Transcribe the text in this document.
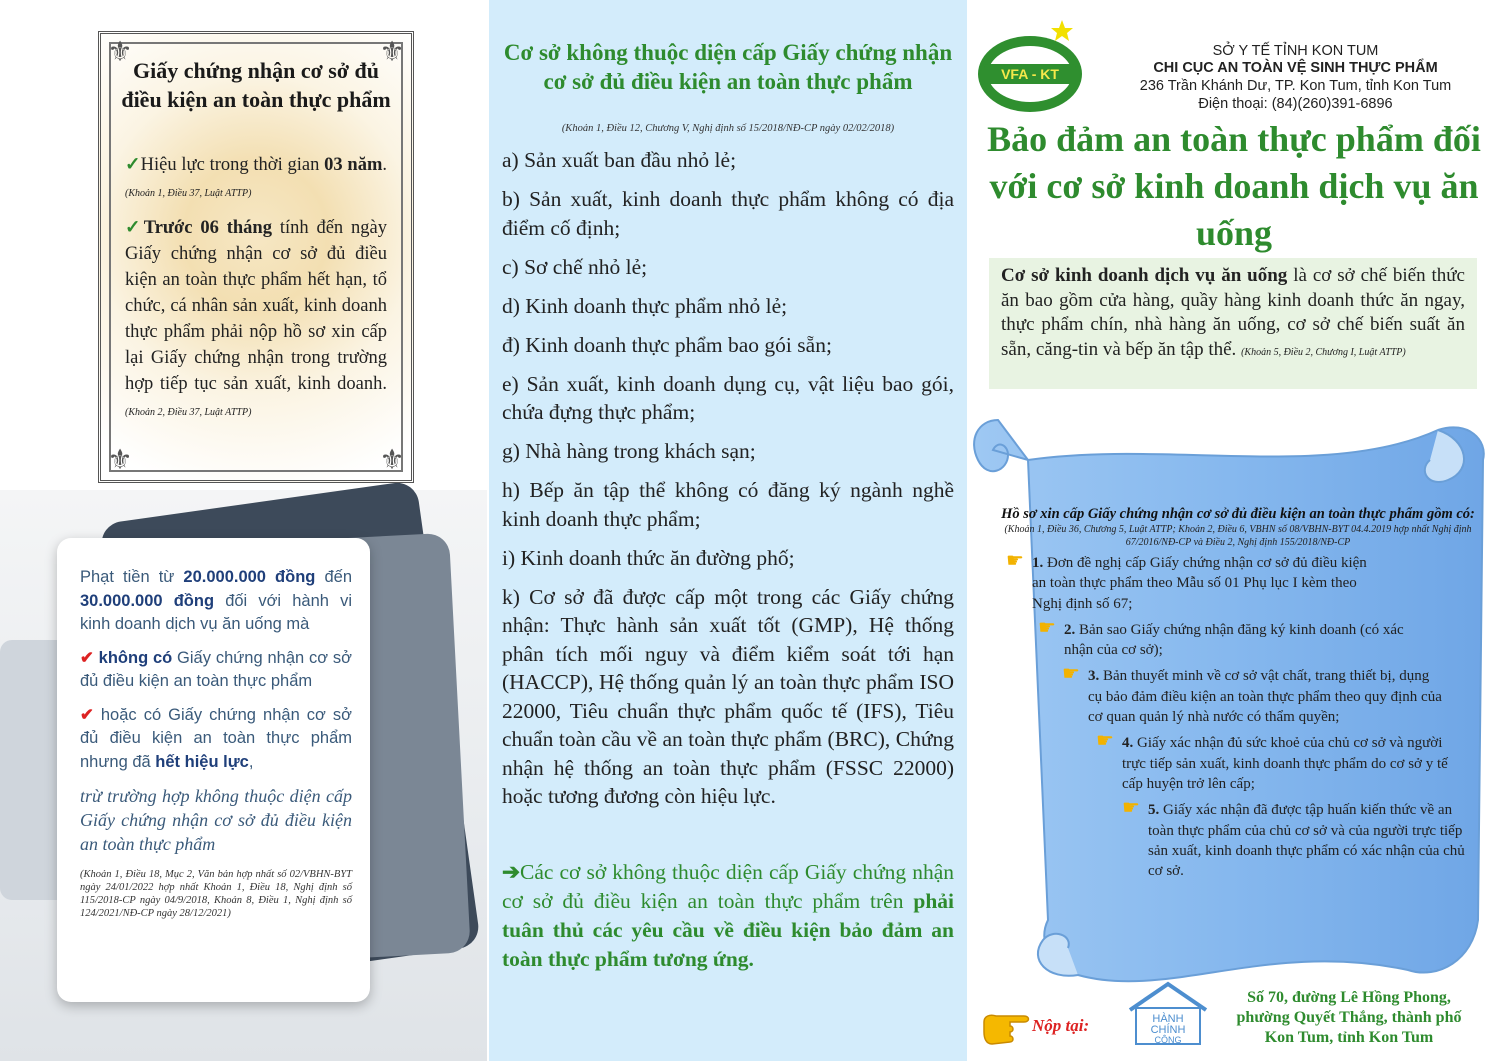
⚜	⚜
⚜	⚜
Giấy chứng nhận cơ sở đủ điều kiện an toàn thực phẩm

✓Hiệu lực trong thời gian 03 năm. (Khoản 1, Điều 37, Luật ATTP)

✓Trước 06 tháng tính đến ngày Giấy chứng nhận cơ sở đủ điều kiện an toàn thực phẩm hết hạn, tổ chức, cá nhân sản xuất, kinh doanh thực phẩm phải nộp hồ sơ xin cấp lại Giấy chứng nhận trong trường hợp tiếp tục sản xuất, kinh doanh. (Khoản 2, Điều 37, Luật ATTP)

Phạt tiền từ 20.000.000 đồng đến 30.000.000 đồng đối với hành vi kinh doanh dịch vụ ăn uống mà

✔ không có Giấy chứng nhận cơ sở đủ điều kiện an toàn thực phẩm

✔ hoặc có Giấy chứng nhận cơ sở đủ điều kiện an toàn thực phẩm nhưng đã hết hiệu lực,

trừ trường hợp không thuộc diện cấp Giấy chứng nhận cơ sở đủ điều kiện an toàn thực phẩm

(Khoản 1, Điều 18, Mục 2, Văn bản hợp nhất số 02/VBHN-BYT ngày 24/01/2022 hợp nhất Khoản 1, Điều 18, Nghị định số 115/2018-CP ngày 04/9/2018, Khoản 8, Điều 1, Nghị định số 124/2021/NĐ-CP ngày 28/12/2021)

Cơ sở không thuộc diện cấp Giấy chứng nhận cơ sở đủ điều kiện an toàn thực phẩm
(Khoản 1, Điều 12, Chương V, Nghị định số 15/2018/NĐ-CP ngày 02/02/2018)
a) Sản xuất ban đầu nhỏ lẻ;
b) Sản xuất, kinh doanh thực phẩm không có địa điểm cố định;
c) Sơ chế nhỏ lẻ;
d) Kinh doanh thực phẩm nhỏ lẻ;
đ) Kinh doanh thực phẩm bao gói sẵn;
e) Sản xuất, kinh doanh dụng cụ, vật liệu bao gói, chứa đựng thực phẩm;
g) Nhà hàng trong khách sạn;
h) Bếp ăn tập thể không có đăng ký ngành nghề kinh doanh thực phẩm;
i) Kinh doanh thức ăn đường phố;
k) Cơ sở đã được cấp một trong các Giấy chứng nhận: Thực hành sản xuất tốt (GMP), Hệ thống phân tích mối nguy và điểm kiểm soát tới hạn (HACCP), Hệ thống quản lý an toàn thực phẩm ISO 22000, Tiêu chuẩn thực phẩm quốc tế (IFS), Tiêu chuẩn toàn cầu về an toàn thực phẩm (BRC), Chứng nhận hệ thống an toàn thực phẩm (FSSC 22000) hoặc tương đương còn hiệu lực.
➔Các cơ sở không thuộc diện cấp Giấy chứng nhận cơ sở đủ điều kiện an toàn thực phẩm trên phải tuân thủ các yêu cầu về điều kiện bảo đảm an toàn thực phẩm tương ứng.
VFA - KT
SỞ Y TẾ TỈNH KON TUM
CHI CỤC AN TOÀN VỆ SINH THỰC PHẨM
236 Trần Khánh Dư, TP. Kon Tum, tỉnh Kon Tum
Điện thoại: (84)(260)391-6896
Bảo đảm an toàn thực phẩm đối với cơ sở kinh doanh dịch vụ ăn uống
Cơ sở kinh doanh dịch vụ ăn uống là cơ sở chế biến thức ăn bao gồm cửa hàng, quầy hàng kinh doanh thức ăn ngay, thực phẩm chín, nhà hàng ăn uống, cơ sở chế biến suất ăn sẵn, căng-tin và bếp ăn tập thể. (Khoản 5, Điều 2, Chương I, Luật ATTP)
Hồ sơ xin cấp Giấy chứng nhận cơ sở đủ điều kiện an toàn thực phẩm gồm có:
(Khoản 1, Điều 36, Chương 5, Luật ATTP; Khoản 2, Điều 6, VBHN số 08/VBHN-BYT 04.4.2019 hợp nhất Nghị định 67/2016/NĐ-CP và Điều 2, Nghị định 155/2018/NĐ-CP
☛ 1. Đơn đề nghị cấp Giấy chứng nhận cơ sở đủ điều kiện an toàn thực phẩm theo Mẫu số 01 Phụ lục I kèm theo Nghị định số 67;
☛ 2. Bản sao Giấy chứng nhận đăng ký kinh doanh (có xác nhận của cơ sở);
☛ 3. Bản thuyết minh về cơ sở vật chất, trang thiết bị, dụng cụ bảo đảm điều kiện an toàn thực phẩm theo quy định của cơ quan quản lý nhà nước có thẩm quyền;
☛ 4. Giấy xác nhận đủ sức khoẻ của chủ cơ sở và người trực tiếp sản xuất, kinh doanh thực phẩm do cơ sở y tế cấp huyện trở lên cấp;
☛ 5. Giấy xác nhận đã được tập huấn kiến thức về an toàn thực phẩm của chủ cơ sở và của người trực tiếp sản xuất, kinh doanh thực phẩm có xác nhận của chủ cơ sở.
Nộp tại:	HÀNH
CHÍNH
CÔNG
Số 70, đường Lê Hồng Phong, phường Quyết Thắng, thành phố Kon Tum, tỉnh Kon Tum
